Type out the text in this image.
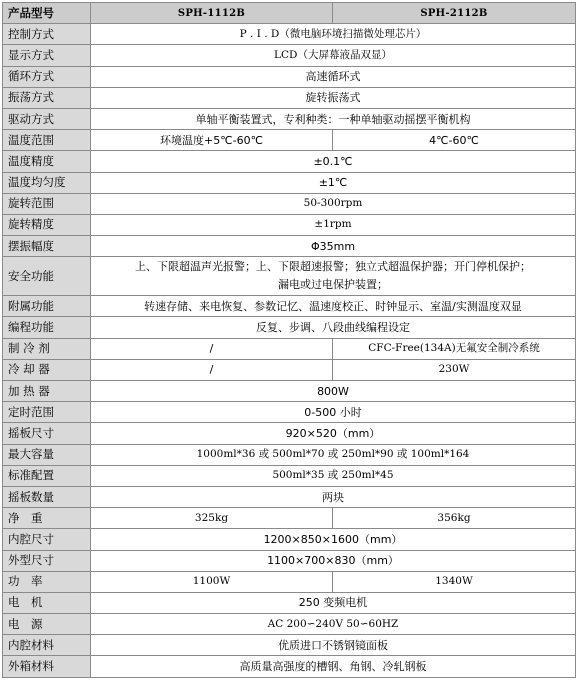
产品型号	SPH-1112B	SPH-2112B
控制方式	P . I . D（微电脑环境扫描微处理芯片）	
显示方式	LCD（大屏幕液晶双显）	
循环方式	高速循环式	
振荡方式	旋转振荡式	
驱动方式	单轴平衡装置式，专利种类：一种单轴驱动摇摆平衡机构	
温度范围	环境温度+5℃-60℃	4℃-60℃
温度精度	±0.1℃	
温度均匀度	±1℃	
旋转范围	50-300rpm	
旋转精度	±1rpm	
摆振幅度	Φ35mm	
安全功能	上、下限超温声光报警；上、下限超速报警；独立式超温保护器；开门停机保护；
漏电或过电保护装置；	

附属功能	转速存储、来电恢复、参数记忆、温速度校正、时钟显示、室温/实测温度双显	
编程功能	反复、步调、八段曲线编程设定	
制 冷 剂	/	CFC-Free(134A)无氟安全制冷系统
冷 却 器	/	230W
加 热 器	800W	
定时范围	0-500 小时	
摇板尺寸	920×520（mm）	
最大容量	1000ml*36 或 500ml*70 或 250ml*90 或 100ml*164	
标准配置	500ml*35 或 250ml*45	
摇板数量	两块	
净　重	325kg	356kg
内腔尺寸	1200×850×1600（mm）	
外型尺寸	1100×700×830（mm）	
功　率	1100W	1340W
电　机	250 变频电机	
电　源	AC 200∽240V 50∽60HZ	
内腔材料	优质进口不锈钢镜面板	
外箱材料	高质量高强度的槽钢、角钢、冷轧钢板	
